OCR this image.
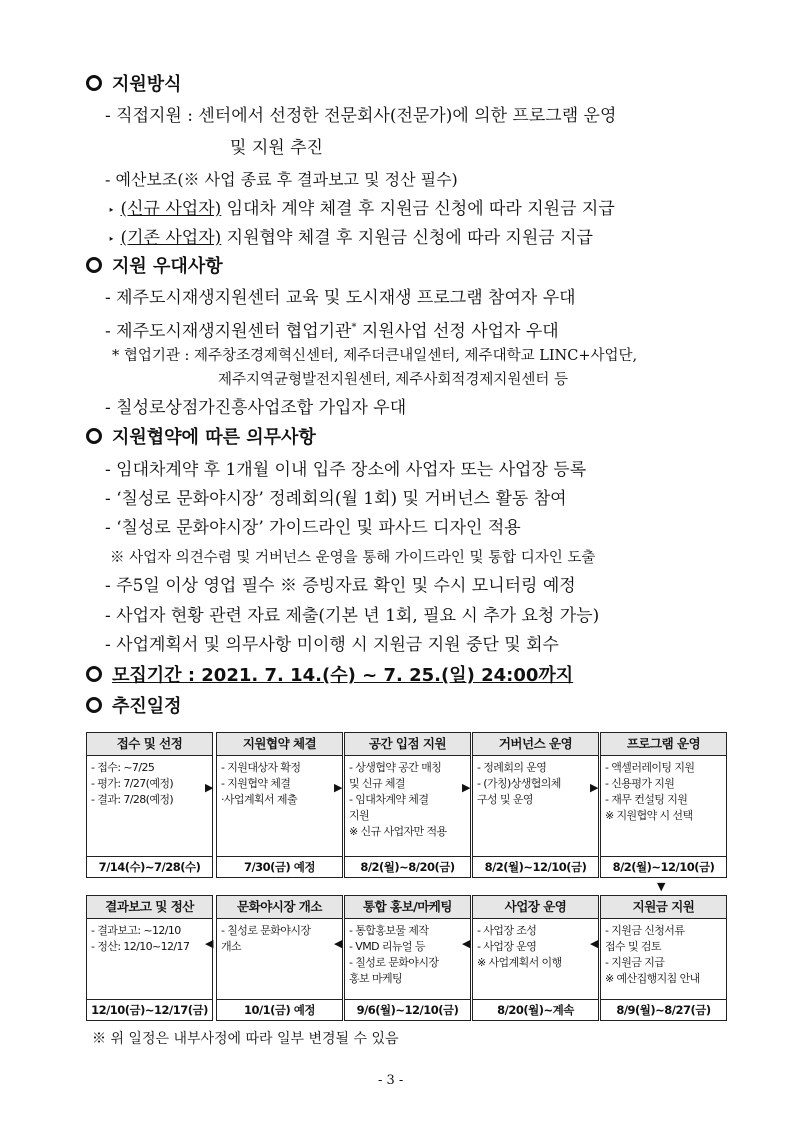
지원방식
- 직접지원 : 센터에서 선정한 전문회사(전문가)에 의한 프로그램 운영
및 지원 추진
- 예산보조(※ 사업 종료 후 결과보고 및 정산 필수)
‣ (신규 사업자) 임대차 계약 체결 후 지원금 신청에 따라 지원금 지급
‣ (기존 사업자) 지원협약 체결 후 지원금 신청에 따라 지원금 지급
지원 우대사항
- 제주도시재생지원센터 교육 및 도시재생 프로그램 참여자 우대
- 제주도시재생지원센터 협업기관* 지원사업 선정 사업자 우대
* 협업기관 : 제주창조경제혁신센터, 제주더큰내일센터, 제주대학교 LINC+사업단,
제주지역균형발전지원센터, 제주사회적경제지원센터 등
- 칠성로상점가진흥사업조합 가입자 우대
지원협약에 따른 의무사항
- 임대차계약 후 1개월 이내 입주 장소에 사업자 또는 사업장 등록
- ‘칠성로 문화야시장’ 정례회의(월 1회) 및 거버넌스 활동 참여
- ‘칠성로 문화야시장’ 가이드라인 및 파사드 디자인 적용
※ 사업자 의견수렴 및 거버넌스 운영을 통해 가이드라인 및 통합 디자인 도출
- 주5일 이상 영업 필수 ※ 증빙자료 확인 및 수시 모니터링 예정
- 사업자 현황 관련 자료 제출(기본 년 1회, 필요 시 추가 요청 가능)
- 사업계획서 및 의무사항 미이행 시 지원금 지원 중단 및 회수
모집기간 : 2021. 7. 14.(수) ~ 7. 25.(일) 24:00까지
추진일정
접수 및 선정
- 접수: ~7/25
- 평가: 7/27(예정)
- 결과: 7/28(예정)
7/14(수)~7/28(수)
▶
지원협약 체결
- 지원대상자 확정
- 지원협약 체결
·사업계획서 제출
7/30(금) 예정
▶
공간 입점 지원
- 상생협약 공간 매칭
및 신규 체결
- 임대차계약 체결
지원
※ 신규 사업자만 적용
8/2(월)~8/20(금)
▶
거버넌스 운영
- 정례회의 운영
- (가칭)상생협의체
구성 및 운영
8/2(월)~12/10(금)
▶
프로그램 운영
- 액셀러레이팅 지원
- 신용평가 지원
- 재무 컨설팅 지원
※ 지원협약 시 선택
8/2(월)~12/10(금)
▼
결과보고 및 정산
- 결과보고: ~12/10
- 정산: 12/10~12/17
12/10(금)~12/17(금)
◀
문화야시장 개소
- 칠성로 문화야시장
개소
10/1(금) 예정
◀
통합 홍보/마케팅
- 통합홍보물 제작
- VMD 리뉴얼 등
- 칠성로 문화야시장
홍보 마케팅
9/6(월)~12/10(금)
◀
사업장 운영
- 사업장 조성
- 사업장 운영
※ 사업계획서 이행
8/20(월)~계속
◀
지원금 지원
- 지원금 신청서류
접수 및 검토
- 지원금 지급
※ 예산집행지침 안내
8/9(월)~8/27(금)
※ 위 일정은 내부사정에 따라 일부 변경될 수 있음
- 3 -
